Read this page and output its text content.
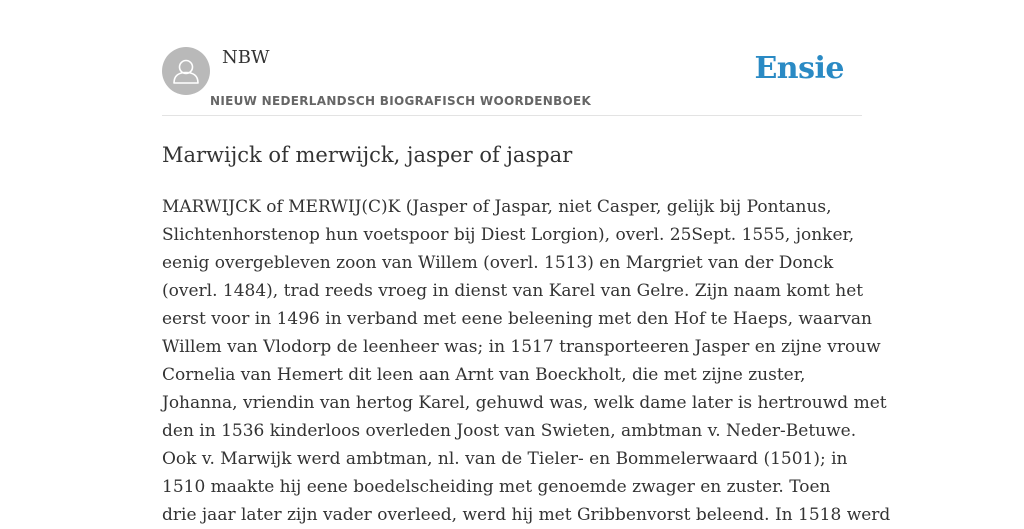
NBW
NIEUW NEDERLANDSCH BIOGRAFISCH WOORDENBOEK
Ensie
Marwijck of merwijck, jasper of jaspar
MARWIJCK of MERWIJ(C)K (Jasper of Jaspar, niet Casper, gelijk bij Pontanus,
Slichtenhorstenop hun voetspoor bij Diest Lorgion), overl. 25Sept. 1555, jonker,
eenig overgebleven zoon van Willem (overl. 1513) en Margriet van der Donck
(overl. 1484), trad reeds vroeg in dienst van Karel van Gelre. Zijn naam komt het
eerst voor in 1496 in verband met eene beleening met den Hof te Haeps, waarvan
Willem van Vlodorp de leenheer was; in 1517 transporteeren Jasper en zijne vrouw
Cornelia van Hemert dit leen aan Arnt van Boeckholt, die met zijne zuster,
Johanna, vriendin van hertog Karel, gehuwd was, welk dame later is hertrouwd met
den in 1536 kinderloos overleden Joost van Swieten, ambtman v. Neder-Betuwe.
Ook v. Marwijk werd ambtman, nl. van de Tieler- en Bommelerwaard (1501); in
1510 maakte hij eene boedelscheiding met genoemde zwager en zuster. Toen
drie jaar later zijn vader overleed, werd hij met Gribbenvorst beleend. In 1518 werd
